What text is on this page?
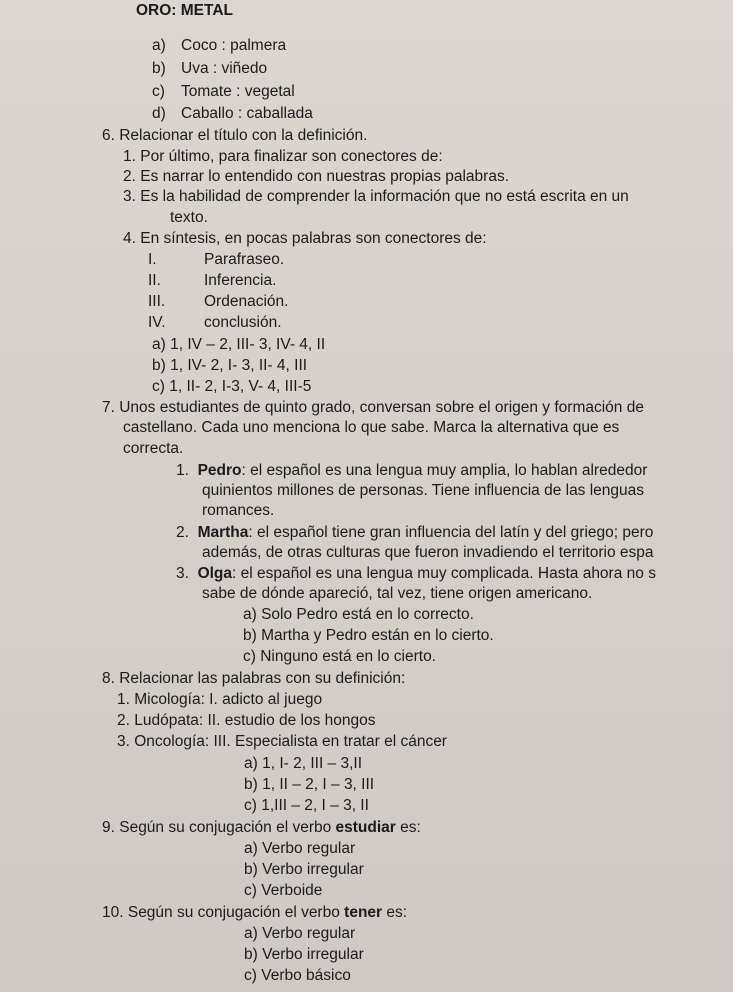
ORO: METAL
a) Coco : palmera
b) Uva : viñedo
c) Tomate : vegetal
d) Caballo : caballada
6. Relacionar el título con la definición.
1. Por último, para finalizar son conectores de:
2. Es narrar lo entendido con nuestras propias palabras.
3. Es la habilidad de comprender la información que no está escrita en un
texto.
4. En síntesis, en pocas palabras son conectores de:
I.	Parafraseo.
II.	Inferencia.
III.	Ordenación.
IV. conclusión.
a) 1, IV – 2, III- 3, IV- 4, II
b) 1, IV- 2, I- 3, II- 4, III
c) 1, II- 2, I-3, V- 4, III-5
7. Unos estudiantes de quinto grado, conversan sobre el origen y formación de
castellano. Cada uno menciona lo que sabe. Marca la alternativa que es
correcta.
1. Pedro: el español es una lengua muy amplia, lo hablan alrededor
quinientos millones de personas. Tiene influencia de las lenguas
romances.
2. Martha: el español tiene gran influencia del latín y del griego; pero
además, de otras culturas que fueron invadiendo el territorio espa
3. Olga: el español es una lengua muy complicada. Hasta ahora no s
sabe de dónde apareció, tal vez, tiene origen americano.
a) Solo Pedro está en lo correcto.
b) Martha y Pedro están en lo cierto.
c) Ninguno está en lo cierto.
8. Relacionar las palabras con su definición:
1. Micología: I. adicto al juego
2. Ludópata: II. estudio de los hongos
3. Oncología: III. Especialista en tratar el cáncer
a) 1, I- 2, III – 3,II
b) 1, II – 2, I – 3, III
c) 1,III – 2, I – 3, II
9. Según su conjugación el verbo estudiar es:
a) Verbo regular
b) Verbo irregular
c) Verboide
10. Según su conjugación el verbo tener es:
a) Verbo regular
b) Verbo irregular
c) Verbo básico
